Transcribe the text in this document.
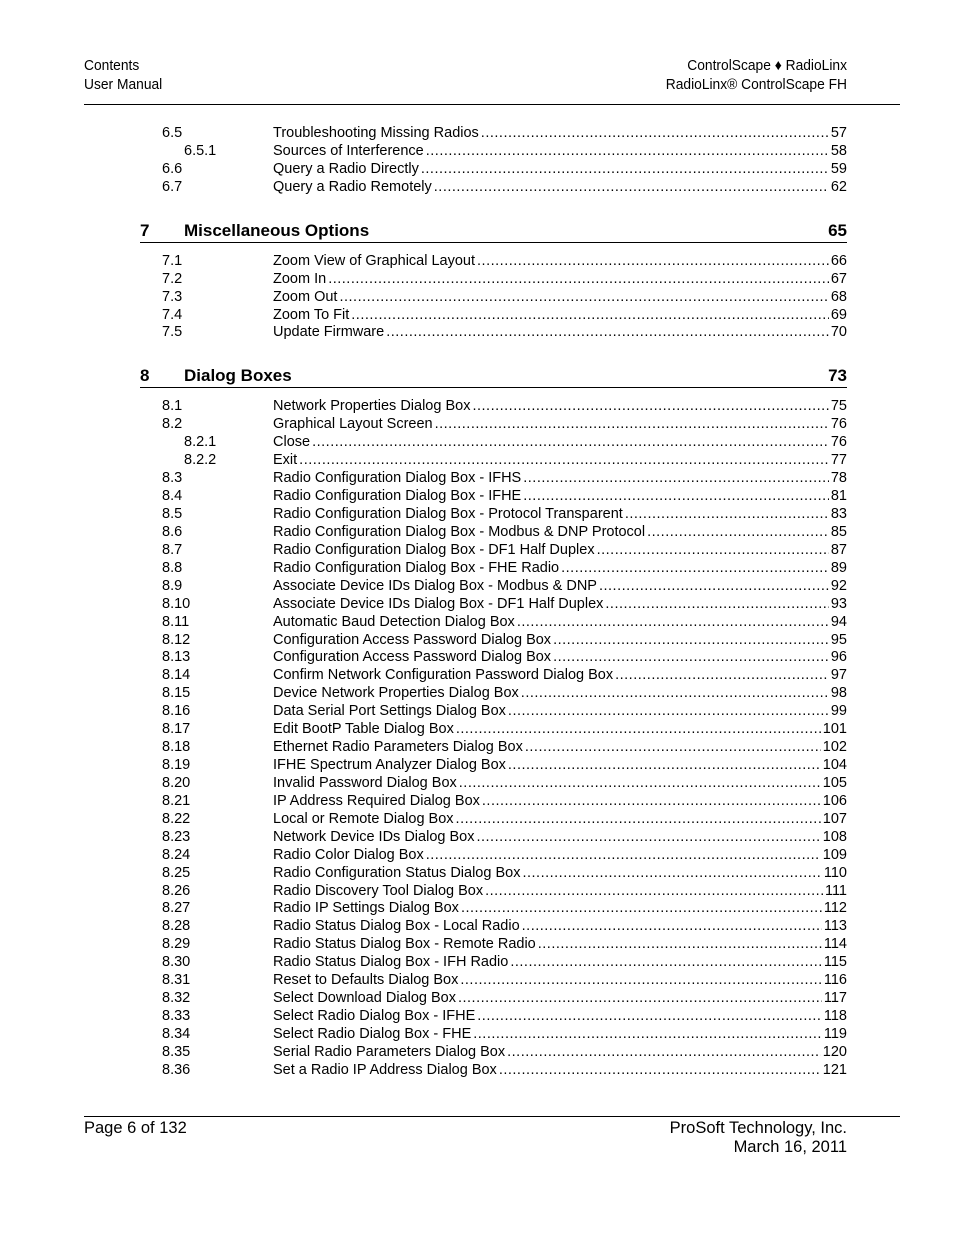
Contents
User Manual
ControlScape ♦ RadioLinx
RadioLinx® ControlScape FH
6.5	Troubleshooting Missing Radios .....	57
6.5.1	Sources of Interference .....	58
6.6	Query a Radio Directly .....	59
6.7	Query a Radio Remotely .....	62
7 Miscellaneous Options	65
7.1	Zoom View of Graphical Layout .....	66
7.2	Zoom In .....	67
7.3	Zoom Out .....	68
7.4	Zoom To Fit .....	69
7.5	Update Firmware .....	70
8 Dialog Boxes	73
8.1	Network Properties Dialog Box .....	75
8.2	Graphical Layout Screen .....	76
8.2.1	Close .....	76
8.2.2	Exit .....	77
8.3	Radio Configuration Dialog Box - IFHS .....	78
8.4	Radio Configuration Dialog Box - IFHE .....	81
8.5	Radio Configuration Dialog Box - Protocol Transparent .....	83
8.6	Radio Configuration Dialog Box - Modbus & DNP Protocol .....	85
8.7	Radio Configuration Dialog Box - DF1 Half Duplex .....	87
8.8	Radio Configuration Dialog Box - FHE Radio .....	89
8.9	Associate Device IDs Dialog Box - Modbus & DNP .....	92
8.10	Associate Device IDs Dialog Box - DF1 Half Duplex .....	93
8.11	Automatic Baud Detection Dialog Box .....	94
8.12	Configuration Access Password Dialog Box .....	95
8.13	Configuration Access Password Dialog Box .....	96
8.14	Confirm Network Configuration Password Dialog Box .....	97
8.15	Device Network Properties Dialog Box .....	98
8.16	Data Serial Port Settings Dialog Box .....	99
8.17	Edit BootP Table Dialog Box .....	101
8.18	Ethernet Radio Parameters Dialog Box .....	102
8.19	IFHE Spectrum Analyzer Dialog Box .....	104
8.20	Invalid Password Dialog Box .....	105
8.21	IP Address Required Dialog Box .....	106
8.22	Local or Remote Dialog Box .....	107
8.23	Network Device IDs Dialog Box .....	108
8.24	Radio Color Dialog Box .....	109
8.25	Radio Configuration Status Dialog Box .....	110
8.26	Radio Discovery Tool Dialog Box .....	111
8.27	Radio IP Settings Dialog Box .....	112
8.28	Radio Status Dialog Box - Local Radio .....	113
8.29	Radio Status Dialog Box - Remote Radio .....	114
8.30	Radio Status Dialog Box - IFH Radio .....	115
8.31	Reset to Defaults Dialog Box .....	116
8.32	Select Download Dialog Box .....	117
8.33	Select Radio Dialog Box - IFHE .....	118
8.34	Select Radio Dialog Box - FHE .....	119
8.35	Serial Radio Parameters Dialog Box .....	120
8.36	Set a Radio IP Address Dialog Box .....	121
Page 6 of 132	ProSoft Technology, Inc.
March 16, 2011
